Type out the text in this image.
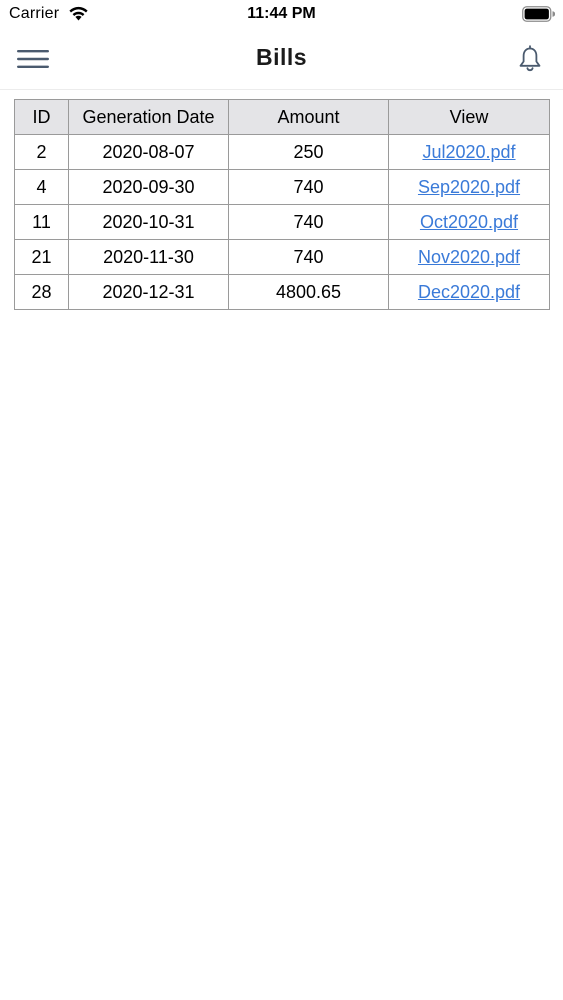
Carrier	11:44 PM
Bills
ID	Generation Date	Amount	View
2	2020-08-07	250	Jul2020.pdf
4	2020-09-30	740	Sep2020.pdf
11	2020-10-31	740	Oct2020.pdf
21	2020-11-30	740	Nov2020.pdf
28	2020-12-31	4800.65	Dec2020.pdf
